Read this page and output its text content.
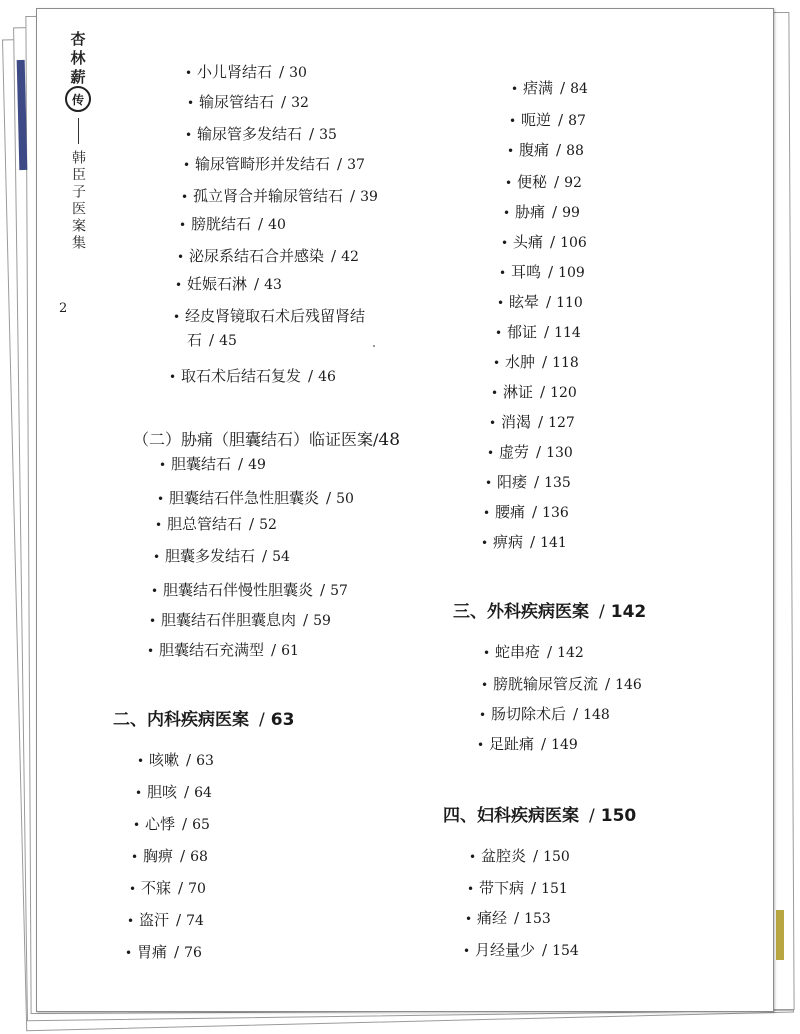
杏林薪
传
韩臣子医案集
2
• 小儿肾结石 / 30
• 输尿管结石 / 32
• 输尿管多发结石 / 35
• 输尿管畸形并发结石 / 37
• 孤立肾合并输尿管结石 / 39
• 膀胱结石 / 40
• 泌尿系结石合并感染 / 42
• 妊娠石淋 / 43
• 经皮肾镜取石术后残留肾结
石 / 45
• 取石术后结石复发 / 46
（二）胁痛（胆囊结石）临证医案/48
• 胆囊结石 / 49
• 胆囊结石伴急性胆囊炎 / 50
• 胆总管结石 / 52
• 胆囊多发结石 / 54
• 胆囊结石伴慢性胆囊炎 / 57
• 胆囊结石伴胆囊息肉 / 59
• 胆囊结石充满型 / 61
二、内科疾病医案 / 63
• 咳嗽 / 63
• 胆咳 / 64
• 心悸 / 65
• 胸痹 / 68
• 不寐 / 70
• 盗汗 / 74
• 胃痛 / 76
• 痞满 / 84
• 呃逆 / 87
• 腹痛 / 88
• 便秘 / 92
• 胁痛 / 99
• 头痛 / 106
• 耳鸣 / 109
• 眩晕 / 110
• 郁证 / 114
• 水肿 / 118
• 淋证 / 120
• 消渴 / 127
• 虚劳 / 130
• 阳痿 / 135
• 腰痛 / 136
• 痹病 / 141
三、外科疾病医案 / 142
• 蛇串疮 / 142
• 膀胱输尿管反流 / 146
• 肠切除术后 / 148
• 足趾痛 / 149
四、妇科疾病医案 / 150
• 盆腔炎 / 150
• 带下病 / 151
• 痛经 / 153
• 月经量少 / 154
